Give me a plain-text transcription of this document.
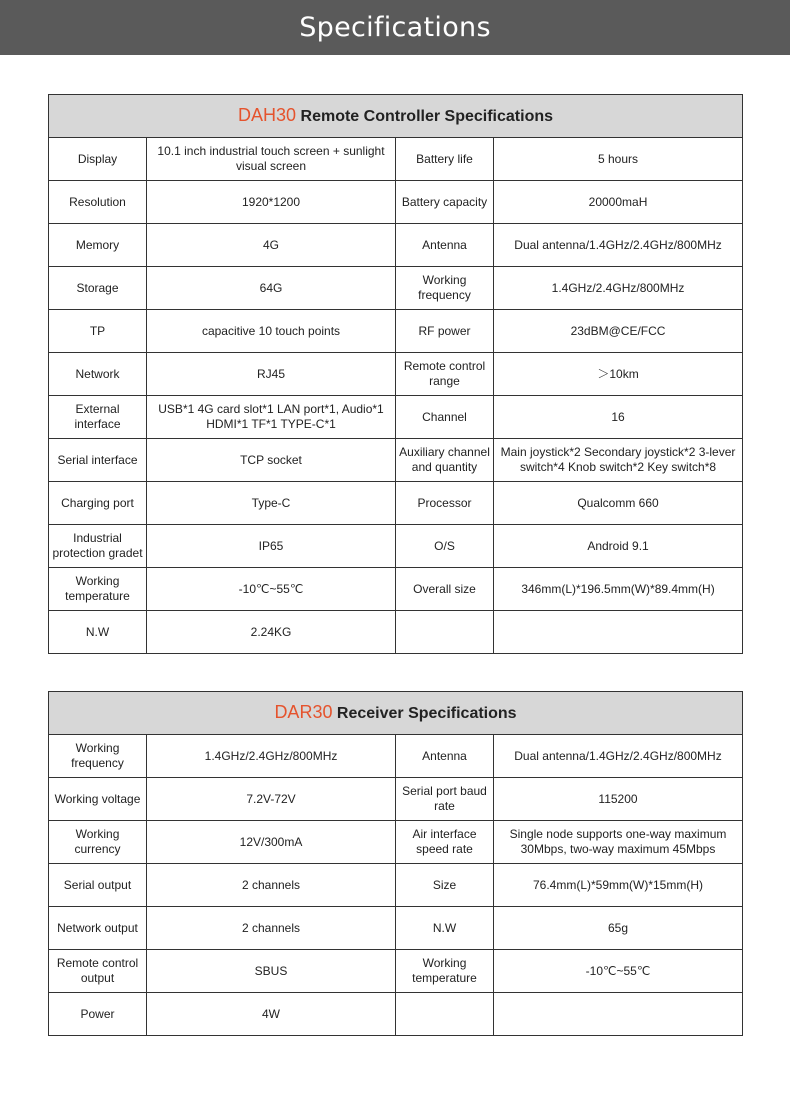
Specifications
DAH30 Remote Controller Specifications			
Display	10.1 inch industrial touch screen + sunlight visual screen	Battery life	5 hours
Resolution	1920*1200	Battery capacity	20000maH
Memory	4G	Antenna	Dual antenna/1.4GHz/2.4GHz/800MHz
Storage	64G	Working frequency	1.4GHz/2.4GHz/800MHz
TP	capacitive 10 touch points	RF power	23dBM@CE/FCC
Network	RJ45	Remote control range	＞10km
External interface	USB*1 4G card slot*1 LAN port*1, Audio*1 HDMI*1 TF*1 TYPE-C*1	Channel	16
Serial interface	TCP socket	Auxiliary channel and quantity	Main joystick*2 Secondary joystick*2 3-lever switch*4 Knob switch*2 Key switch*8
Charging port	Type-C	Processor	Qualcomm 660
Industrial protection gradet	IP65	O/S	Android 9.1
Working temperature	-10℃~55℃	Overall size	346mm(L)*196.5mm(W)*89.4mm(H)
N.W	2.24KG		
DAR30 Receiver Specifications			
Working frequency	1.4GHz/2.4GHz/800MHz	Antenna	Dual antenna/1.4GHz/2.4GHz/800MHz
Working voltage	7.2V-72V	Serial port baud rate	115200
Working currency	12V/300mA	Air interface speed rate	Single node supports one-way maximum 30Mbps, two-way maximum 45Mbps
Serial output	2 channels	Size	76.4mm(L)*59mm(W)*15mm(H)
Network output	2 channels	N.W	65g
Remote control output	SBUS	Working temperature	-10℃~55℃
Power	4W		
